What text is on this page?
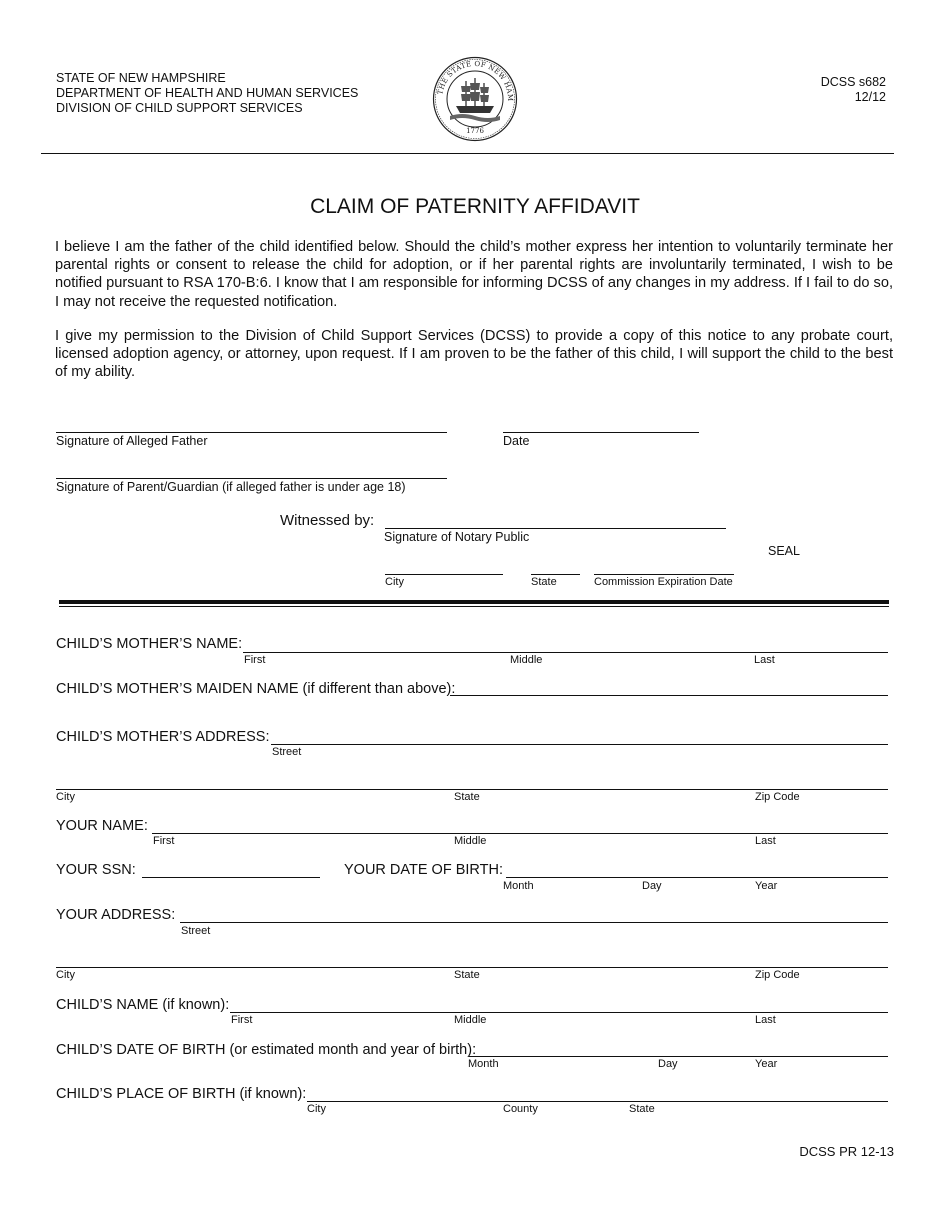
STATE OF NEW HAMPSHIRE
DEPARTMENT OF HEALTH AND HUMAN SERVICES
DIVISION OF CHILD SUPPORT SERVICES
THE STATE OF NEW HAM
1776
DCSS s682
12/12
CLAIM OF PATERNITY AFFIDAVIT
I believe I am the father of the child identified below. Should the child’s mother express her intention to voluntarily terminate her parental rights or consent to release the child for adoption, or if her parental rights are involuntarily terminated, I wish to be notified pursuant to RSA 170-B:6. I know that I am responsible for informing DCSS of any changes in my address. If I fail to do so, I may not receive the requested notification.
I give my permission to the Division of Child Support Services (DCSS) to provide a copy of this notice to any probate court, licensed adoption agency, or attorney, upon request. If I am proven to be the father of this child, I will support the child to the best of my ability.
Signature of Alleged Father	Date
Signature of Parent/Guardian (if alleged father is under age 18)
Witnessed by:
Signature of Notary Public
SEAL
City	State	Commission Expiration Date
CHILD’S MOTHER’S NAME:
First	Middle	Last
CHILD’S MOTHER’S MAIDEN NAME (if different than above):
CHILD’S MOTHER’S ADDRESS:
Street
City	State	Zip Code
YOUR NAME:
First	Middle	Last
YOUR SSN:	YOUR DATE OF BIRTH:
Month	Day	Year
YOUR ADDRESS:
Street
City	State	Zip Code
CHILD’S NAME (if known):
First	Middle	Last
CHILD’S DATE OF BIRTH (or estimated month and year of birth):
Month	Day	Year
CHILD’S PLACE OF BIRTH (if known):
City	County	State
DCSS PR 12-13
